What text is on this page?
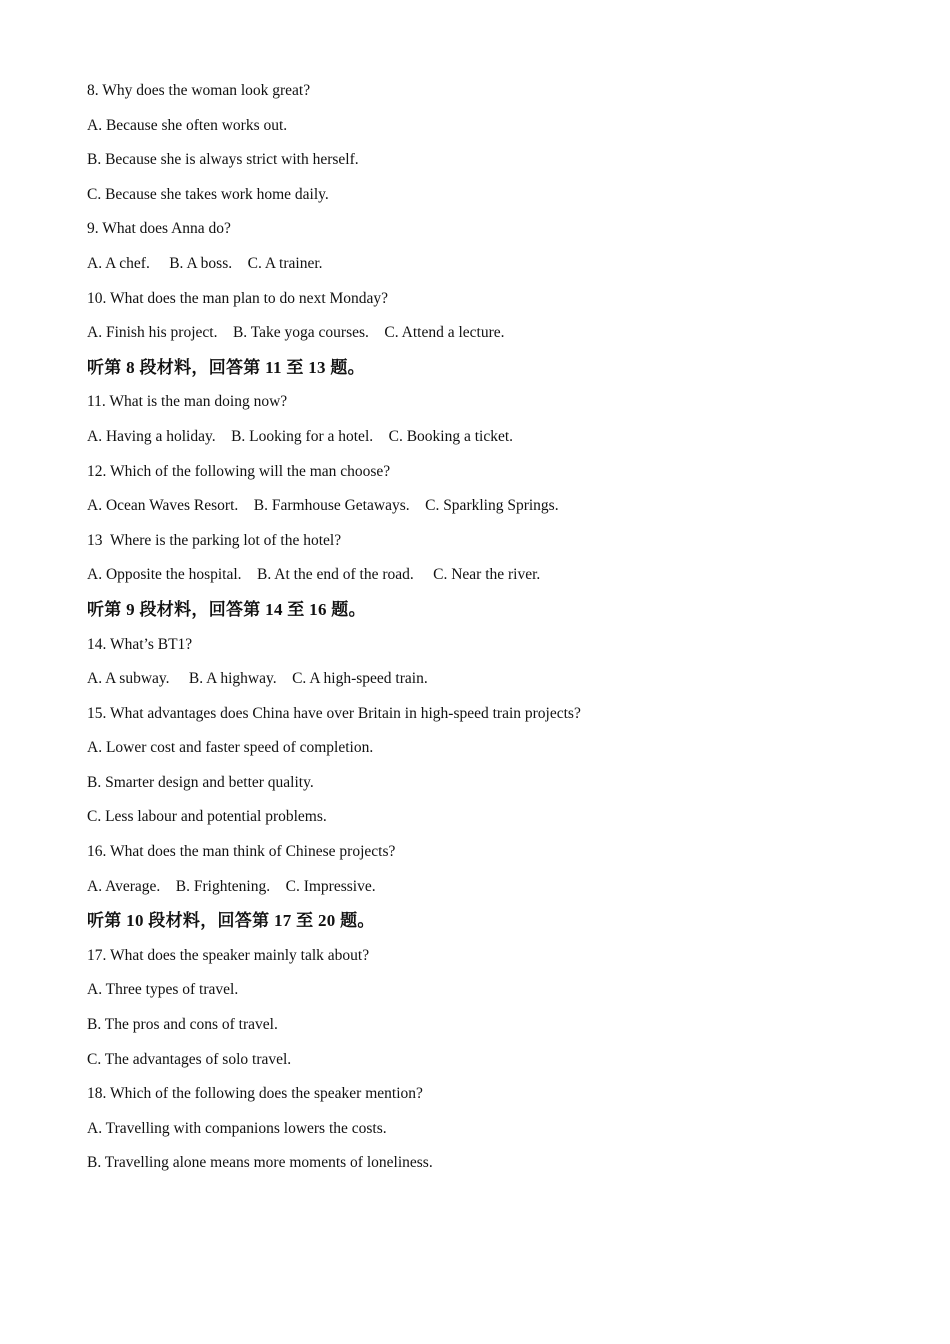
8. Why does the woman look great?
A. Because she often works out.
B. Because she is always strict with herself.
C. Because she takes work home daily.
9. What does Anna do?
A. A chef.     B. A boss.    C. A trainer.
10. What does the man plan to do next Monday?
A. Finish his project.    B. Take yoga courses.    C. Attend a lecture.
听第 8 段材料，回答第 11 至 13 题。
11. What is the man doing now?
A. Having a holiday.    B. Looking for a hotel.    C. Booking a ticket.
12. Which of the following will the man choose?
A. Ocean Waves Resort.    B. Farmhouse Getaways.    C. Sparkling Springs.
13  Where is the parking lot of the hotel?
A. Opposite the hospital.    B. At the end of the road.     C. Near the river.
听第 9 段材料，回答第 14 至 16 题。
14. What’s BT1?
A. A subway.     B. A highway.    C. A high-speed train.
15. What advantages does China have over Britain in high-speed train projects?
A. Lower cost and faster speed of completion.
B. Smarter design and better quality.
C. Less labour and potential problems.
16. What does the man think of Chinese projects?
A. Average.    B. Frightening.    C. Impressive.
听第 10 段材料，回答第 17 至 20 题。
17. What does the speaker mainly talk about?
A. Three types of travel.
B. The pros and cons of travel.
C. The advantages of solo travel.
18. Which of the following does the speaker mention?
A. Travelling with companions lowers the costs.
B. Travelling alone means more moments of loneliness.
